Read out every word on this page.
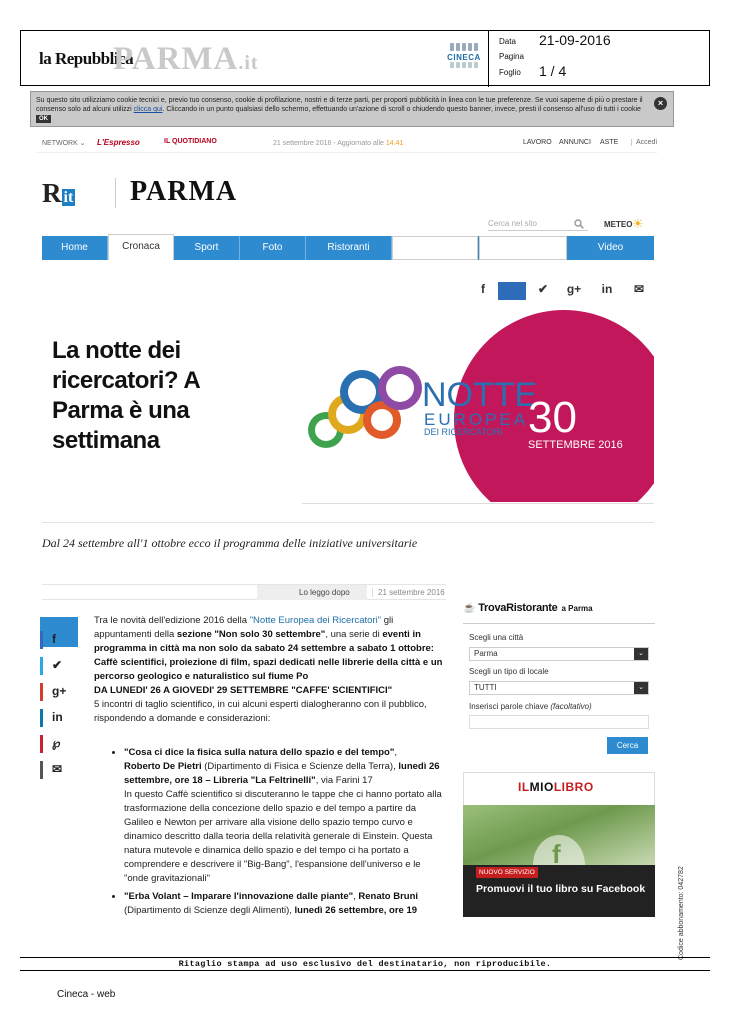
la Repubblica
PARMA.it	CINECA
Data 21-09-2016
Pagina
Foglio 1 / 4
Su questo sito utilizziamo cookie tecnici e, previo tuo consenso, cookie di profilazione, nostri e di terze parti, per proporti pubblicità in linea con le tue preferenze. Se vuoi saperne di più o prestare il consenso solo ad alcuni utilizzi clicca qui. Cliccando in un punto qualsiasi dello schermo, effettuando un'azione di scroll o chiudendo questo banner, invece, presti il consenso all'uso di tutti i cookie OK
×
NETWORK ⌄ L'Espresso	IL QUOTIDIANO	21 settembre 2016 - Aggiornato alle 14.41	LAVORO ANNUNCI ASTE	Accedi
Rit PARMA
Cerca nel sito	METEO ☀
Home	Cronaca	Sport	Foto	Ristoranti	Video
f	✔	g+	in	✉
La notte dei ricercatori? A Parma è una settimana
NOTTE
EUROPEA
DEI RICERCATORI 30
SETTEMBRE 2016
Dal 24 settembre all'1 ottobre ecco il programma delle iniziative universitarie
Lo leggo dopo	21 settembre 2016
f
✔
g+
in
℘
✉

Tra le novità dell'edizione 2016 della "Notte Europea dei Ricercatori" gli appuntamenti della sezione "Non solo 30 settembre", una serie di eventi in programma in città ma non solo da sabato 24 settembre a sabato 1 ottobre: Caffè scientifici, proiezione di film, spazi dedicati nelle librerie della città e un percorso geologico e naturalistico sul fiume Po

DA LUNEDI' 26 A GIOVEDI' 29 SETTEMBRE "CAFFE' SCIENTIFICI"

5 incontri di taglio scientifico, in cui alcuni esperti dialogheranno con il pubblico, rispondendo a domande e considerazioni:

• "Cosa ci dice la fisica sulla natura dello spazio e del tempo",
Roberto De Pietri (Dipartimento di Fisica e Scienze della Terra), lunedì 26 settembre, ore 18 – Libreria "La Feltrinelli", via Farini 17
In questo Caffè scientifico si discuteranno le tappe che ci hanno portato alla trasformazione della concezione dello spazio e del tempo a partire da Galileo e Newton per arrivare alla visione dello spazio tempo curvo e dinamico descritto dalla teoria della relatività generale di Einstein. Questa natura mutevole e dinamica dello spazio e del tempo ci ha portato a comprendere e descrivere il "Big-Bang", l'espansione dell'universo e le "onde gravitazionali"
• "Erba Volant – Imparare l'innovazione dalle piante", Renato Bruni
(Dipartimento di Scienze degli Alimenti), lunedì 26 settembre, ore 19
☕ TrovaRistorante a Parma
Scegli una città
Parma	⌄
Scegli un tipo di locale
TUTTI	⌄
Inserisci parole chiave (facoltativo)
Cerca
ILMIOLIBRO
f
NUOVO SERVIZIO
Promuovi il tuo libro su Facebook	Codice abbonamento: 042782
Ritaglio stampa ad uso esclusivo del destinatario, non riproducibile.
Cineca - web
